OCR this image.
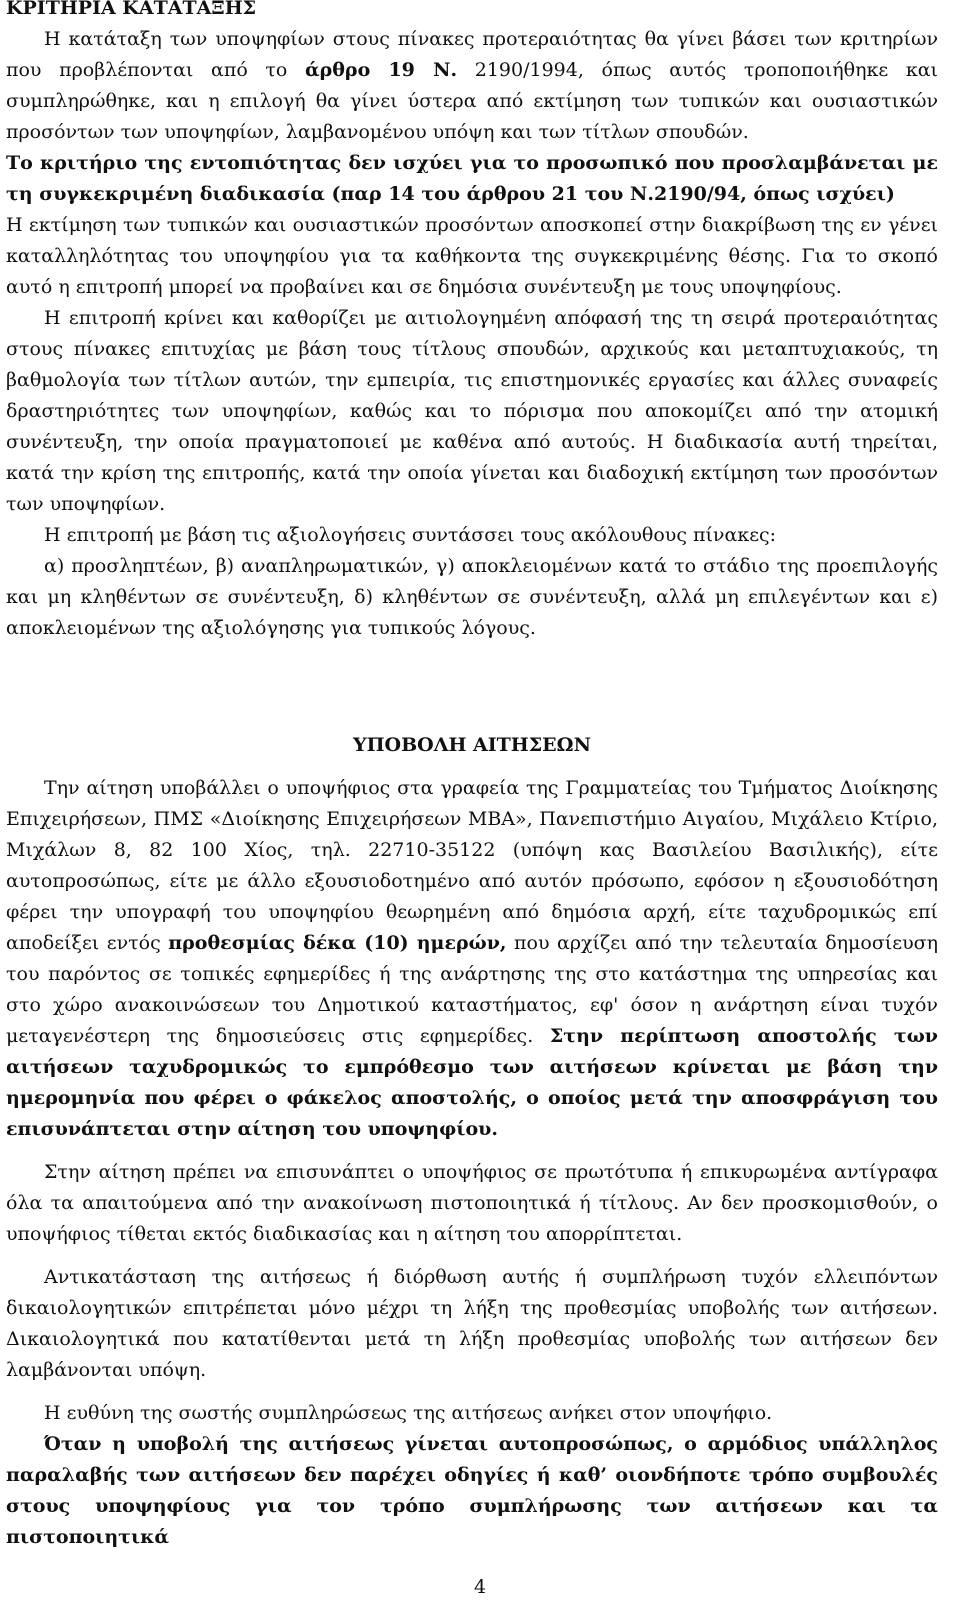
ΚΡΙΤΗΡΙΑ ΚΑΤΑΤΑΞΗΣ

Η κατάταξη των υποψηφίων στους πίνακες προτεραιότητας θα γίνει βάσει των κριτηρίων που προβλέπονται από το άρθρο 19 Ν. 2190/1994, όπως αυτός τροποποιήθηκε και συμπληρώθηκε, και η επιλογή θα γίνει ύστερα από εκτίμηση των τυπικών και ουσιαστικών προσόντων των υποψηφίων, λαμβανομένου υπόψη και των τίτλων σπουδών.

Το κριτήριο της εντοπιότητας δεν ισχύει για το προσωπικό που προσλαμβάνεται με τη συγκεκριμένη διαδικασία (παρ 14 του άρθρου 21 του Ν.2190/94, όπως ισχύει)

Η εκτίμηση των τυπικών και ουσιαστικών προσόντων αποσκοπεί στην διακρίβωση της εν γένει καταλληλότητας του υποψηφίου για τα καθήκοντα της συγκεκριμένης θέσης. Για το σκοπό αυτό η επιτροπή μπορεί να προβαίνει και σε δημόσια συνέντευξη με τους υποψηφίους.

Η επιτροπή κρίνει και καθορίζει με αιτιολογημένη απόφασή της τη σειρά προτεραιότητας στους πίνακες επιτυχίας με βάση τους τίτλους σπουδών, αρχικούς και μεταπτυχιακούς, τη βαθμολογία των τίτλων αυτών, την εμπειρία, τις επιστημονικές εργασίες και άλλες συναφείς δραστηριότητες των υποψηφίων, καθώς και το πόρισμα που αποκομίζει από την ατομική συνέντευξη, την οποία πραγματοποιεί με καθένα από αυτούς. Η διαδικασία αυτή τηρείται, κατά την κρίση της επιτροπής, κατά την οποία γίνεται και διαδοχική εκτίμηση των προσόντων των υποψηφίων.

Η επιτροπή με βάση τις αξιολογήσεις συντάσσει τους ακόλουθους πίνακες:

α) προσληπτέων, β) αναπληρωματικών, γ) αποκλειομένων κατά το στάδιο της προεπιλογής και μη κληθέντων σε συνέντευξη, δ) κληθέντων σε συνέντευξη, αλλά μη επιλεγέντων και ε) αποκλειομένων της αξιολόγησης για τυπικούς λόγους.

ΥΠΟΒΟΛΗ ΑΙΤΗΣΕΩΝ

Την αίτηση υποβάλλει ο υποψήφιος στα γραφεία της Γραμματείας του Τμήματος Διοίκησης Επιχειρήσεων, ΠΜΣ «Διοίκησης Επιχειρήσεων MBA», Πανεπιστήμιο Αιγαίου, Μιχάλειο Κτίριο, Μιχάλων 8, 82 100 Χίος, τηλ. 22710-35122 (υπόψη κας Βασιλείου Βασιλικής), είτε αυτοπροσώπως, είτε με άλλο εξουσιοδοτημένο από αυτόν πρόσωπο, εφόσον η εξουσιοδότηση φέρει την υπογραφή του υποψηφίου θεωρημένη από δημόσια αρχή, είτε ταχυδρομικώς επί αποδείξει εντός προθεσμίας δέκα (10) ημερών, που αρχίζει από την τελευταία δημοσίευση του παρόντος σε τοπικές εφημερίδες ή της ανάρτησης της στο κατάστημα της υπηρεσίας και στο χώρο ανακοινώσεων του Δημοτικού καταστήματος, εφ' όσον η ανάρτηση είναι τυχόν μεταγενέστερη της δημοσιεύσεις στις εφημερίδες. Στην περίπτωση αποστολής των αιτήσεων ταχυδρομικώς το εμπρόθεσμο των αιτήσεων κρίνεται με βάση την ημερομηνία που φέρει ο φάκελος αποστολής, ο οποίος μετά την αποσφράγιση του επισυνάπτεται στην αίτηση του υποψηφίου.

Στην αίτηση πρέπει να επισυνάπτει ο υποψήφιος σε πρωτότυπα ή επικυρωμένα αντίγραφα όλα τα απαιτούμενα από την ανακοίνωση πιστοποιητικά ή τίτλους. Αν δεν προσκομισθούν, ο υποψήφιος τίθεται εκτός διαδικασίας και η αίτηση του απορρίπτεται.

Αντικατάσταση της αιτήσεως ή διόρθωση αυτής ή συμπλήρωση τυχόν ελλειπόντων δικαιολογητικών επιτρέπεται μόνο μέχρι τη λήξη της προθεσμίας υποβολής των αιτήσεων. Δικαιολογητικά που κατατίθενται μετά τη λήξη προθεσμίας υποβολής των αιτήσεων δεν λαμβάνονται υπόψη.

Η ευθύνη της σωστής συμπληρώσεως της αιτήσεως ανήκει στον υποψήφιο.

Όταν η υποβολή της αιτήσεως γίνεται αυτοπροσώπως, ο αρμόδιος υπάλληλος παραλαβής των αιτήσεων δεν παρέχει οδηγίες ή καθ’ οιονδήποτε τρόπο συμβουλές στους υποψηφίους για τον τρόπο συμπλήρωσης των αιτήσεων και τα πιστοποιητικά

4
